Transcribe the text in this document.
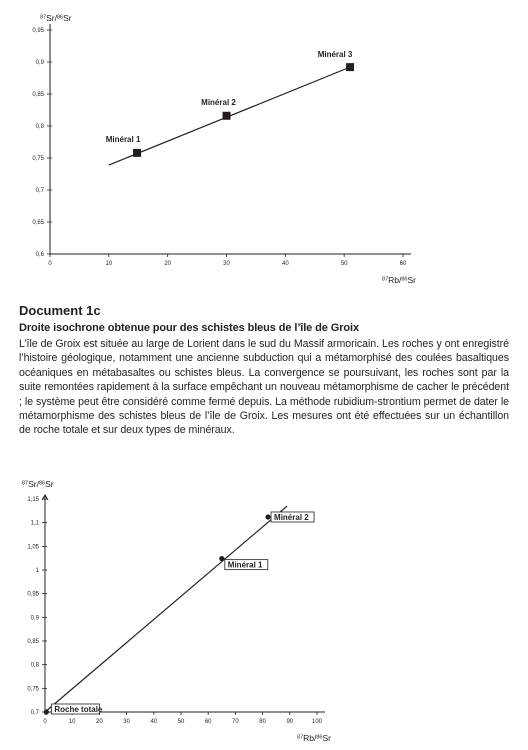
0	10	20	30	40	50	60
0,6
0,65
0,7
0,75
0,8
0,85
0,9
0,95
$^{87}$Sr/$^{86}$Sr
$^{87}$Rb/$^{86}$Sr
Minéral 1
Minéral 2
Minéral 3

Document 1c

Droite isochrone obtenue pour des schistes bleus de l’île de Groix

L’île de Groix est située au large de Lorient dans le sud du Massif armoricain. Les roches y ont enregistré l’histoire géologique, notamment une ancienne subduction qui a métamorphisé des coulées basaltiques océaniques en métabasaltes ou schistes bleus. La convergence se poursuivant, les roches sont par la suite remontées rapidement à la surface empêchant un nouveau métamorphisme de cacher le précédent ; le système peut être considéré comme fermé depuis. La méthode rubidium-strontium permet de dater le métamorphisme des schistes bleus de l’île de Groix. Les mesures ont été effectuées sur un échantillon de roche totale et sur deux types de minéraux.

0	10	20	30	40	50	60	70	80	90	100
0,7
0,75
0,8
0,85
0,9
0,95
1
1,05
1,1
1,15
$^{87}$Sr/$^{86}$Sr
$^{87}$Rb/$^{86}$Sr
Roche totale
Minéral 1
Minéral 2
